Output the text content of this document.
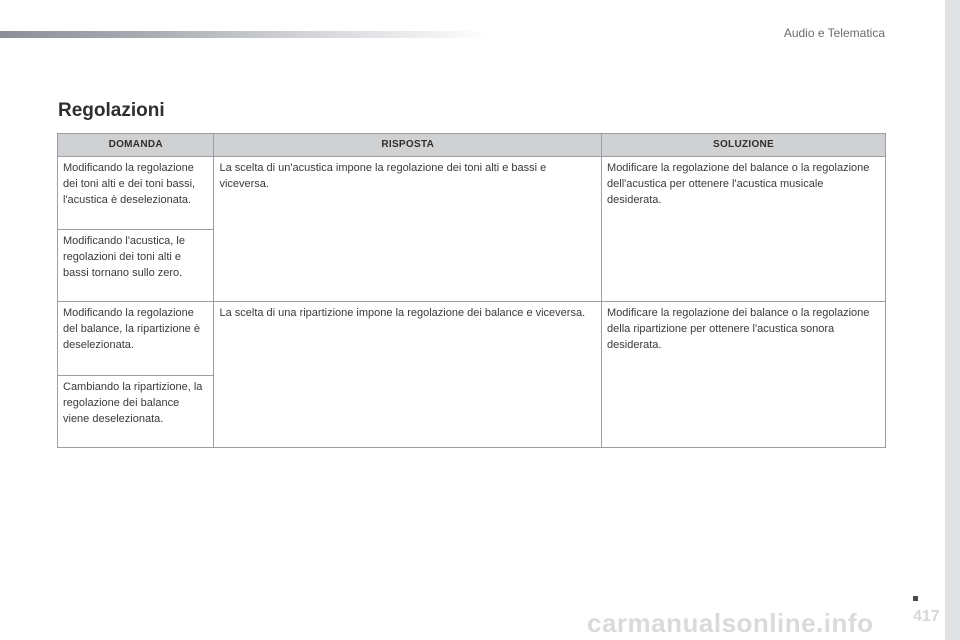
Audio e Telematica
Regolazioni
DOMANDA	RISPOSTA	SOLUZIONE
Modificando la regolazione dei toni alti e dei toni bassi, l'acustica è deselezionata.	La scelta di un'acustica impone la regolazione dei toni alti e bassi e viceversa.	Modificare la regolazione del balance o la regolazione dell'acustica per ottenere l'acustica musicale desiderata.
Modificando l'acustica, le regolazioni dei toni alti e bassi tornano sullo zero.		
Modificando la regolazione del balance, la ripartizione è deselezionata.	La scelta di una ripartizione impone la regolazione dei balance e viceversa.	Modificare la regolazione dei balance o la regolazione della ripartizione per ottenere l'acustica sonora desiderata.
Cambiando la ripartizione, la regolazione dei balance viene deselezionata.		
carmanualsonline.info 417
